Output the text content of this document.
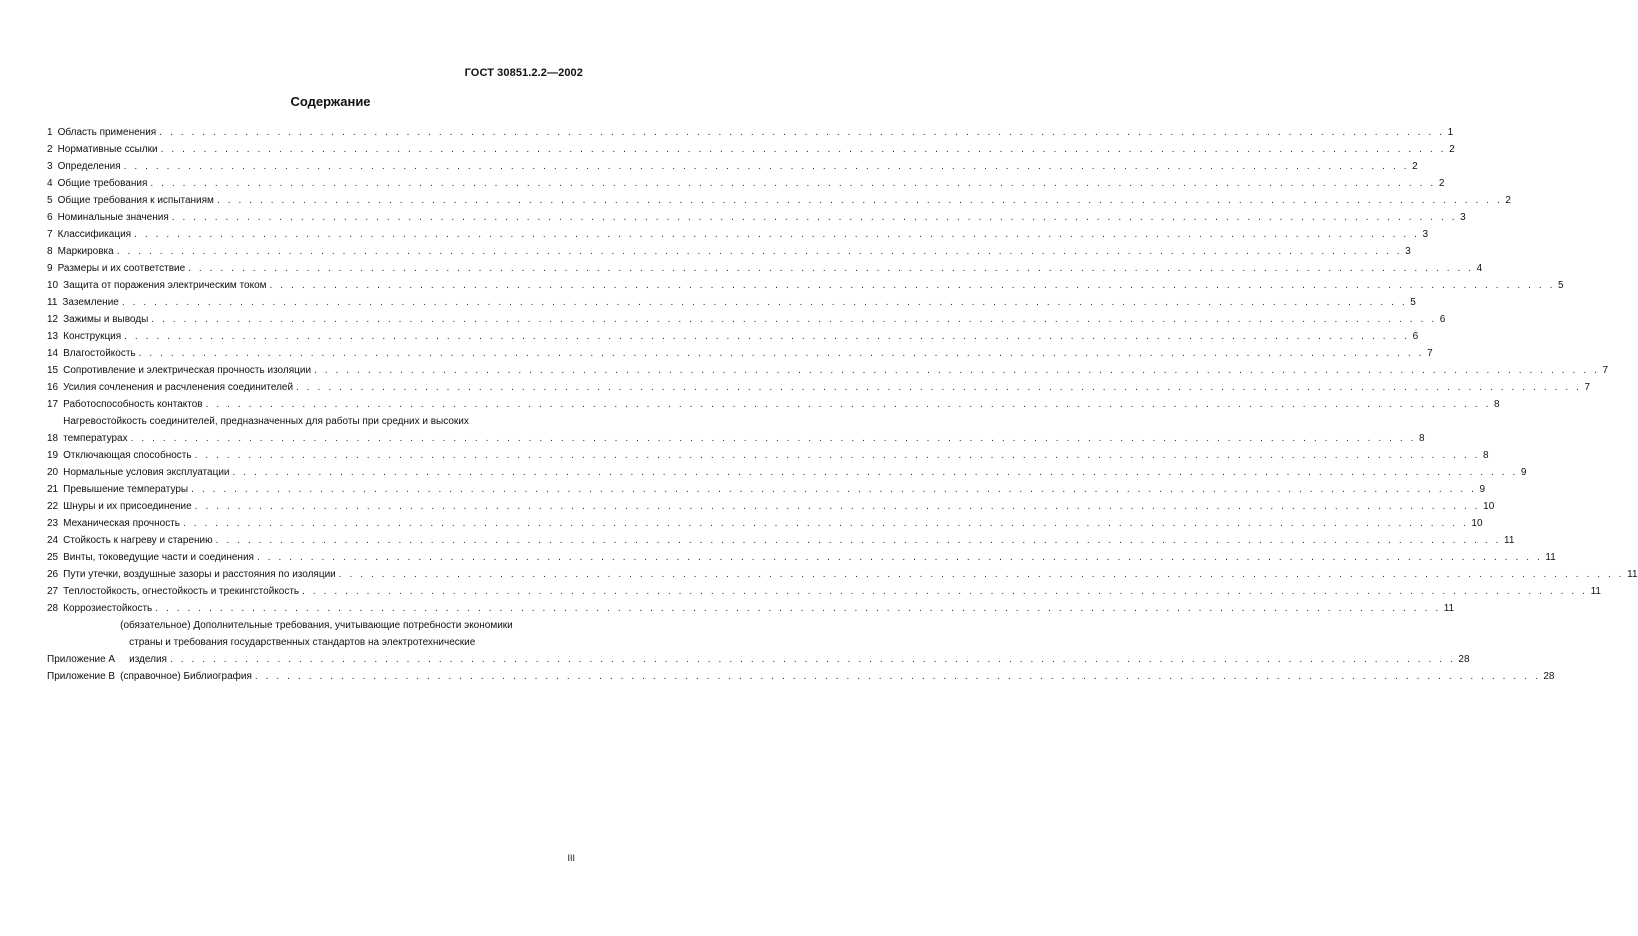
ГОСТ 30851.2.2—2002
Содержание
1 Область применения . . . . . . . . . . . . . . . . . . . . . . . . . . . . . . . . . . . . . . . . . . . . . . . . . . . . . . . . . . . . . . . . . . . . . . . . . . . . . . . . . . . . . . . . . . . . . . . . . . . . . . . . . . . . . . . . . . . . . . . . 1
2 Нормативные ссылки . . . . . . . . . . . . . . . . . . . . . . . . . . . . . . . . . . . . . . . . . . . . . . . . . . . . . . . . . . . . . . . . . . . . . . . . . . . . . . . . . . . . . . . . . . . . . . . . . . . . . . . . . . . . . . . . . . . . . . . . 2
3 Определения . . . . . . . . . . . . . . . . . . . . . . . . . . . . . . . . . . . . . . . . . . . . . . . . . . . . . . . . . . . . . . . . . . . . . . . . . . . . . . . . . . . . . . . . . . . . . . . . . . . . . . . . . . . . . . . . . . . . . . . . 2
4 Общие требования . . . . . . . . . . . . . . . . . . . . . . . . . . . . . . . . . . . . . . . . . . . . . . . . . . . . . . . . . . . . . . . . . . . . . . . . . . . . . . . . . . . . . . . . . . . . . . . . . . . . . . . . . . . . . . . . . . . . . . . . 2
5 Общие требования к испытаниям . . . . . . . . . . . . . . . . . . . . . . . . . . . . . . . . . . . . . . . . . . . . . . . . . . . . . . . . . . . . . . . . . . . . . . . . . . . . . . . . . . . . . . . . . . . . . . . . . . . . . . . . . . . . . . . . . . . . . . . . 2
6 Номинальные значения . . . . . . . . . . . . . . . . . . . . . . . . . . . . . . . . . . . . . . . . . . . . . . . . . . . . . . . . . . . . . . . . . . . . . . . . . . . . . . . . . . . . . . . . . . . . . . . . . . . . . . . . . . . . . . . . . . . . . . . . 3
7 Классификация . . . . . . . . . . . . . . . . . . . . . . . . . . . . . . . . . . . . . . . . . . . . . . . . . . . . . . . . . . . . . . . . . . . . . . . . . . . . . . . . . . . . . . . . . . . . . . . . . . . . . . . . . . . . . . . . . . . . . . . . 3
8 Маркировка . . . . . . . . . . . . . . . . . . . . . . . . . . . . . . . . . . . . . . . . . . . . . . . . . . . . . . . . . . . . . . . . . . . . . . . . . . . . . . . . . . . . . . . . . . . . . . . . . . . . . . . . . . . . . . . . . . . . . . . . 3
9 Размеры и их соответствие . . . . . . . . . . . . . . . . . . . . . . . . . . . . . . . . . . . . . . . . . . . . . . . . . . . . . . . . . . . . . . . . . . . . . . . . . . . . . . . . . . . . . . . . . . . . . . . . . . . . . . . . . . . . . . . . . . . . . . . . 4
10 Защита от поражения электрическим током . . . . . . . . . . . . . . . . . . . . . . . . . . . . . . . . . . . . . . . . . . . . . . . . . . . . . . . . . . . . . . . . . . . . . . . . . . . . . . . . . . . . . . . . . . . . . . . . . . . . . . . . . . . . . . . . . . . . . . . . 5
11 Заземление . . . . . . . . . . . . . . . . . . . . . . . . . . . . . . . . . . . . . . . . . . . . . . . . . . . . . . . . . . . . . . . . . . . . . . . . . . . . . . . . . . . . . . . . . . . . . . . . . . . . . . . . . . . . . . . . . . . . . . . . 5
12 Зажимы и выводы . . . . . . . . . . . . . . . . . . . . . . . . . . . . . . . . . . . . . . . . . . . . . . . . . . . . . . . . . . . . . . . . . . . . . . . . . . . . . . . . . . . . . . . . . . . . . . . . . . . . . . . . . . . . . . . . . . . . . . . . 6
13 Конструкция . . . . . . . . . . . . . . . . . . . . . . . . . . . . . . . . . . . . . . . . . . . . . . . . . . . . . . . . . . . . . . . . . . . . . . . . . . . . . . . . . . . . . . . . . . . . . . . . . . . . . . . . . . . . . . . . . . . . . . . . 6
14 Влагостойкость . . . . . . . . . . . . . . . . . . . . . . . . . . . . . . . . . . . . . . . . . . . . . . . . . . . . . . . . . . . . . . . . . . . . . . . . . . . . . . . . . . . . . . . . . . . . . . . . . . . . . . . . . . . . . . . . . . . . . . . . 7
15 Сопротивление и электрическая прочность изоляции . . . . . . . . . . . . . . . . . . . . . . . . . . . . . . . . . . . . . . . . . . . . . . . . . . . . . . . . . . . . . . . . . . . . . . . . . . . . . . . . . . . . . . . . . . . . . . . . . . . . . . . . . . . . . . . . . . . . . . . . 7
16 Усилия сочленения и расчленения соединителей . . . . . . . . . . . . . . . . . . . . . . . . . . . . . . . . . . . . . . . . . . . . . . . . . . . . . . . . . . . . . . . . . . . . . . . . . . . . . . . . . . . . . . . . . . . . . . . . . . . . . . . . . . . . . . . . . . . . . . . . 7
17 Работоспособность контактов . . . . . . . . . . . . . . . . . . . . . . . . . . . . . . . . . . . . . . . . . . . . . . . . . . . . . . . . . . . . . . . . . . . . . . . . . . . . . . . . . . . . . . . . . . . . . . . . . . . . . . . . . . . . . . . . . . . . . . . . 8
18
Нагревостойкость соединителей, предназначенных для работы при средних и высоких
температурах . . . . . . . . . . . . . . . . . . . . . . . . . . . . . . . . . . . . . . . . . . . . . . . . . . . . . . . . . . . . . . . . . . . . . . . . . . . . . . . . . . . . . . . . . . . . . . . . . . . . . . . . . . . . . . . . . . . . . . . . 8
19 Отключающая способность . . . . . . . . . . . . . . . . . . . . . . . . . . . . . . . . . . . . . . . . . . . . . . . . . . . . . . . . . . . . . . . . . . . . . . . . . . . . . . . . . . . . . . . . . . . . . . . . . . . . . . . . . . . . . . . . . . . . . . . . 8
20 Нормальные условия эксплуатации . . . . . . . . . . . . . . . . . . . . . . . . . . . . . . . . . . . . . . . . . . . . . . . . . . . . . . . . . . . . . . . . . . . . . . . . . . . . . . . . . . . . . . . . . . . . . . . . . . . . . . . . . . . . . . . . . . . . . . . . 9
21 Превышение температуры . . . . . . . . . . . . . . . . . . . . . . . . . . . . . . . . . . . . . . . . . . . . . . . . . . . . . . . . . . . . . . . . . . . . . . . . . . . . . . . . . . . . . . . . . . . . . . . . . . . . . . . . . . . . . . . . . . . . . . . . 9
22 Шнуры и их присоединение . . . . . . . . . . . . . . . . . . . . . . . . . . . . . . . . . . . . . . . . . . . . . . . . . . . . . . . . . . . . . . . . . . . . . . . . . . . . . . . . . . . . . . . . . . . . . . . . . . . . . . . . . . . . . . . . . . . . . . . . 10
23 Механическая прочность . . . . . . . . . . . . . . . . . . . . . . . . . . . . . . . . . . . . . . . . . . . . . . . . . . . . . . . . . . . . . . . . . . . . . . . . . . . . . . . . . . . . . . . . . . . . . . . . . . . . . . . . . . . . . . . . . . . . . . . . 10
24 Стойкость к нагреву и старению . . . . . . . . . . . . . . . . . . . . . . . . . . . . . . . . . . . . . . . . . . . . . . . . . . . . . . . . . . . . . . . . . . . . . . . . . . . . . . . . . . . . . . . . . . . . . . . . . . . . . . . . . . . . . . . . . . . . . . . . 11
25 Винты, токоведущие части и соединения . . . . . . . . . . . . . . . . . . . . . . . . . . . . . . . . . . . . . . . . . . . . . . . . . . . . . . . . . . . . . . . . . . . . . . . . . . . . . . . . . . . . . . . . . . . . . . . . . . . . . . . . . . . . . . . . . . . . . . . . 11
26 Пути утечки, воздушные зазоры и расстояния по изоляции . . . . . . . . . . . . . . . . . . . . . . . . . . . . . . . . . . . . . . . . . . . . . . . . . . . . . . . . . . . . . . . . . . . . . . . . . . . . . . . . . . . . . . . . . . . . . . . . . . . . . . . . . . . . . . . . . . . . . . . . 11
27 Теплостойкость, огнестойкость и трекингстойкость . . . . . . . . . . . . . . . . . . . . . . . . . . . . . . . . . . . . . . . . . . . . . . . . . . . . . . . . . . . . . . . . . . . . . . . . . . . . . . . . . . . . . . . . . . . . . . . . . . . . . . . . . . . . . . . . . . . . . . . . 11
28 Коррозиестойкость . . . . . . . . . . . . . . . . . . . . . . . . . . . . . . . . . . . . . . . . . . . . . . . . . . . . . . . . . . . . . . . . . . . . . . . . . . . . . . . . . . . . . . . . . . . . . . . . . . . . . . . . . . . . . . . . . . . . . . . . 11
Приложение А
(обязательное) Дополнительные требования, учитывающие потребности экономики
страны и требования государственных стандартов на электротехнические
изделия . . . . . . . . . . . . . . . . . . . . . . . . . . . . . . . . . . . . . . . . . . . . . . . . . . . . . . . . . . . . . . . . . . . . . . . . . . . . . . . . . . . . . . . . . . . . . . . . . . . . . . . . . . . . . . . . . . . . . . . . 28
Приложение В (справочное) Библиография . . . . . . . . . . . . . . . . . . . . . . . . . . . . . . . . . . . . . . . . . . . . . . . . . . . . . . . . . . . . . . . . . . . . . . . . . . . . . . . . . . . . . . . . . . . . . . . . . . . . . . . . . . . . . . . . . . . . . . . . 28
III
